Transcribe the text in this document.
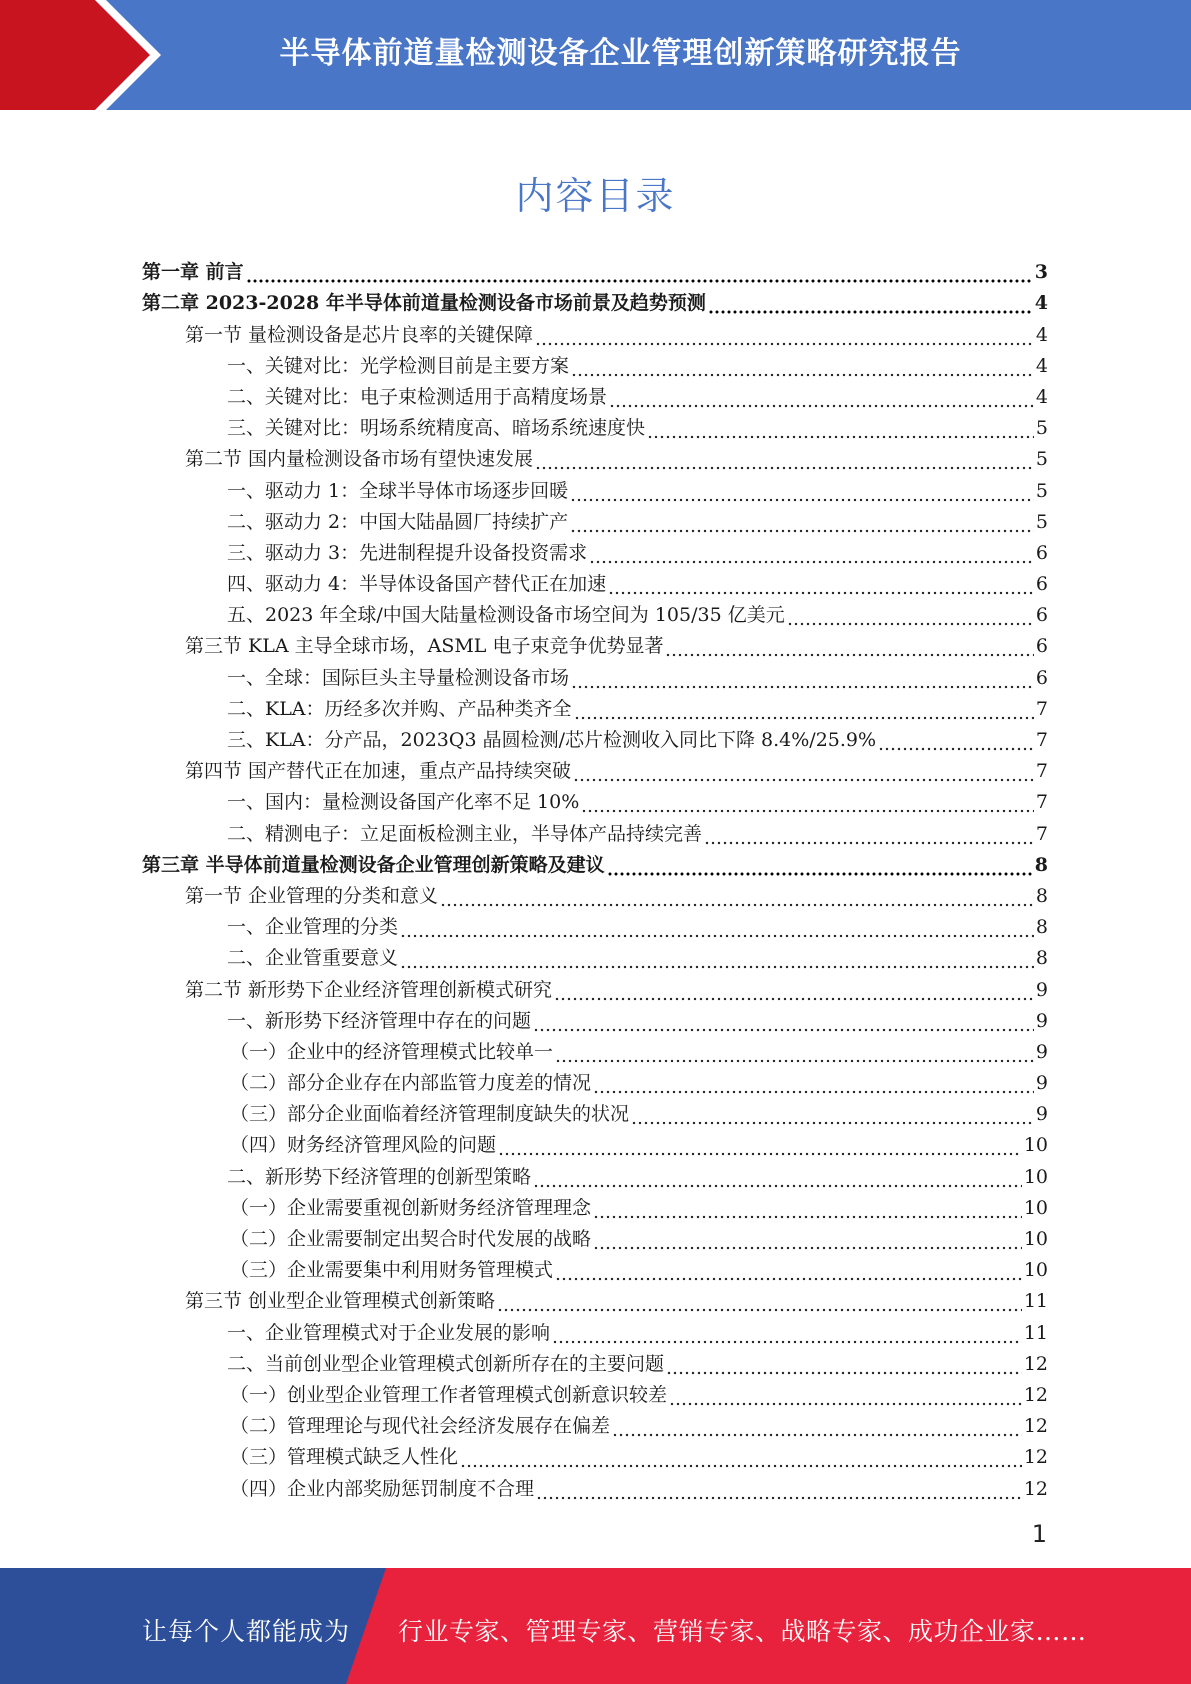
半导体前道量检测设备企业管理创新策略研究报告
内容目录
第一章 前言	3
第二章 2023-2028 年半导体前道量检测设备市场前景及趋势预测	4
第一节 量检测设备是芯片良率的关键保障	4
一、关键对比：光学检测目前是主要方案	4
二、关键对比：电子束检测适用于高精度场景	4
三、关键对比：明场系统精度高、暗场系统速度快	5
第二节 国内量检测设备市场有望快速发展	5
一、驱动力 1：全球半导体市场逐步回暖	5
二、驱动力 2：中国大陆晶圆厂持续扩产	5
三、驱动力 3：先进制程提升设备投资需求	6
四、驱动力 4：半导体设备国产替代正在加速	6
五、2023 年全球/中国大陆量检测设备市场空间为 105/35 亿美元	6
第三节 KLA 主导全球市场，ASML 电子束竞争优势显著	6
一、全球：国际巨头主导量检测设备市场	6
二、KLA：历经多次并购、产品种类齐全	7
三、KLA：分产品，2023Q3 晶圆检测/芯片检测收入同比下降 8.4%/25.9%	7
第四节 国产替代正在加速，重点产品持续突破	7
一、国内：量检测设备国产化率不足 10%	7
二、精测电子：立足面板检测主业，半导体产品持续完善	7
第三章 半导体前道量检测设备企业管理创新策略及建议	8
第一节 企业管理的分类和意义	8
一、企业管理的分类	8
二、企业管重要意义	8
第二节 新形势下企业经济管理创新模式研究	9
一、新形势下经济管理中存在的问题	9
（一）企业中的经济管理模式比较单一	9
（二）部分企业存在内部监管力度差的情况	9
（三）部分企业面临着经济管理制度缺失的状况	9
（四）财务经济管理风险的问题	10
二、新形势下经济管理的创新型策略	10
（一）企业需要重视创新财务经济管理理念	10
（二）企业需要制定出契合时代发展的战略	10
（三）企业需要集中利用财务管理模式	10
第三节 创业型企业管理模式创新策略	11
一、企业管理模式对于企业发展的影响	11
二、当前创业型企业管理模式创新所存在的主要问题	12
（一）创业型企业管理工作者管理模式创新意识较差	12
（二）管理理论与现代社会经济发展存在偏差	12
（三）管理模式缺乏人性化	12
（四）企业内部奖励惩罚制度不合理	12
1
让每个人都能成为 行业专家、管理专家、营销专家、战略专家、成功企业家……
